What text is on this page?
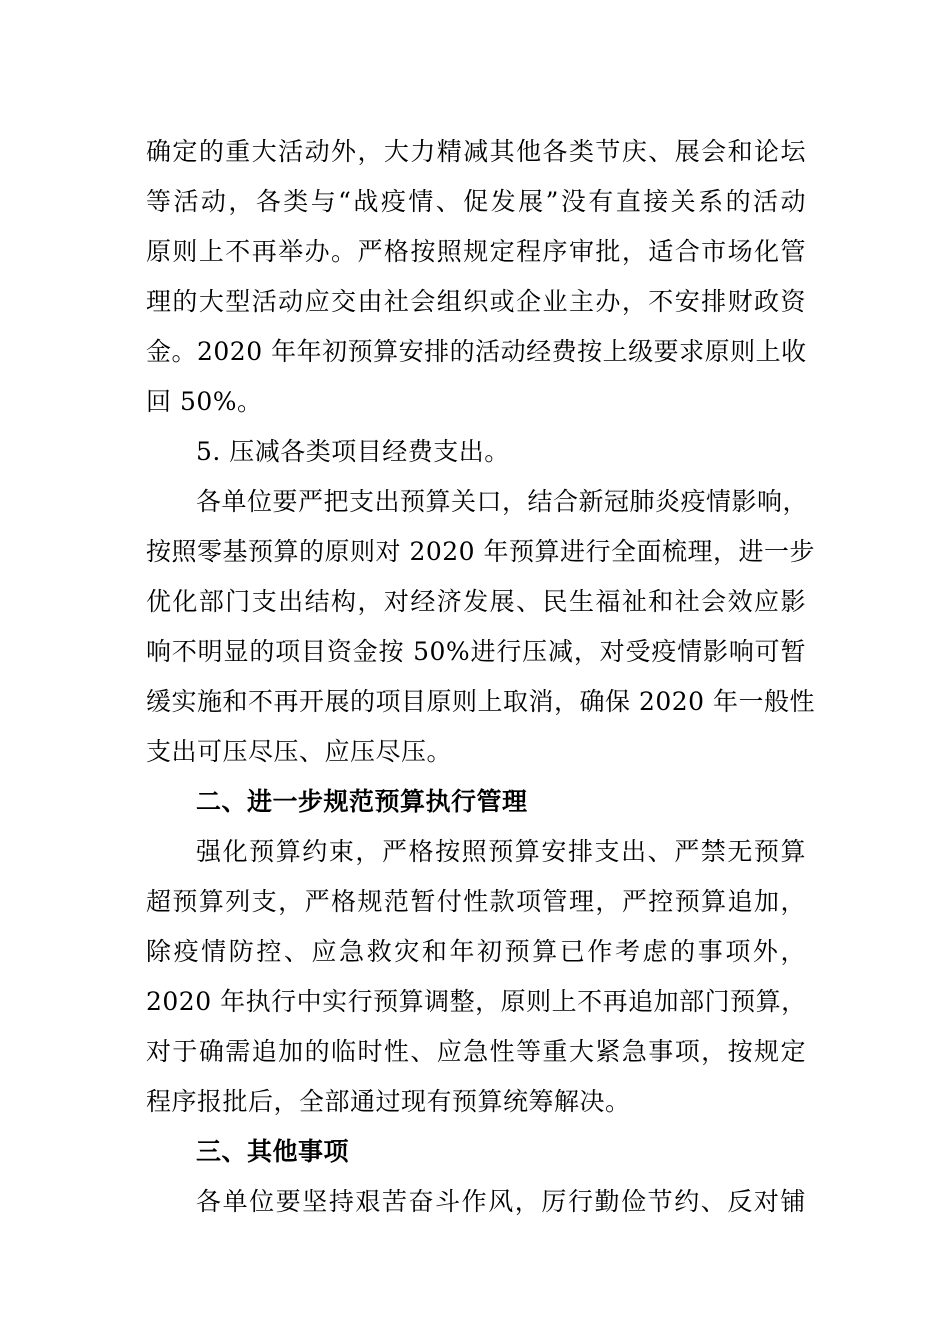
确定的重大活动外，大力精减其他各类节庆、展会和论坛
等活动，各类与“战疫情、促发展”没有直接关系的活动
原则上不再举办。严格按照规定程序审批，适合市场化管
理的大型活动应交由社会组织或企业主办，不安排财政资
金。2020 年年初预算安排的活动经费按上级要求原则上收
回 50%。
5. 压减各类项目经费支出。
各单位要严把支出预算关口，结合新冠肺炎疫情影响，
按照零基预算的原则对 2020 年预算进行全面梳理，进一步
优化部门支出结构，对经济发展、民生福祉和社会效应影
响不明显的项目资金按 50%进行压减，对受疫情影响可暂
缓实施和不再开展的项目原则上取消，确保 2020 年一般性
支出可压尽压、应压尽压。
二、进一步规范预算执行管理
强化预算约束，严格按照预算安排支出、严禁无预算
超预算列支，严格规范暂付性款项管理，严控预算追加，
除疫情防控、应急救灾和年初预算已作考虑的事项外，
2020 年执行中实行预算调整，原则上不再追加部门预算，
对于确需追加的临时性、应急性等重大紧急事项，按规定
程序报批后，全部通过现有预算统筹解决。
三、其他事项
各单位要坚持艰苦奋斗作风，厉行勤俭节约、反对铺
